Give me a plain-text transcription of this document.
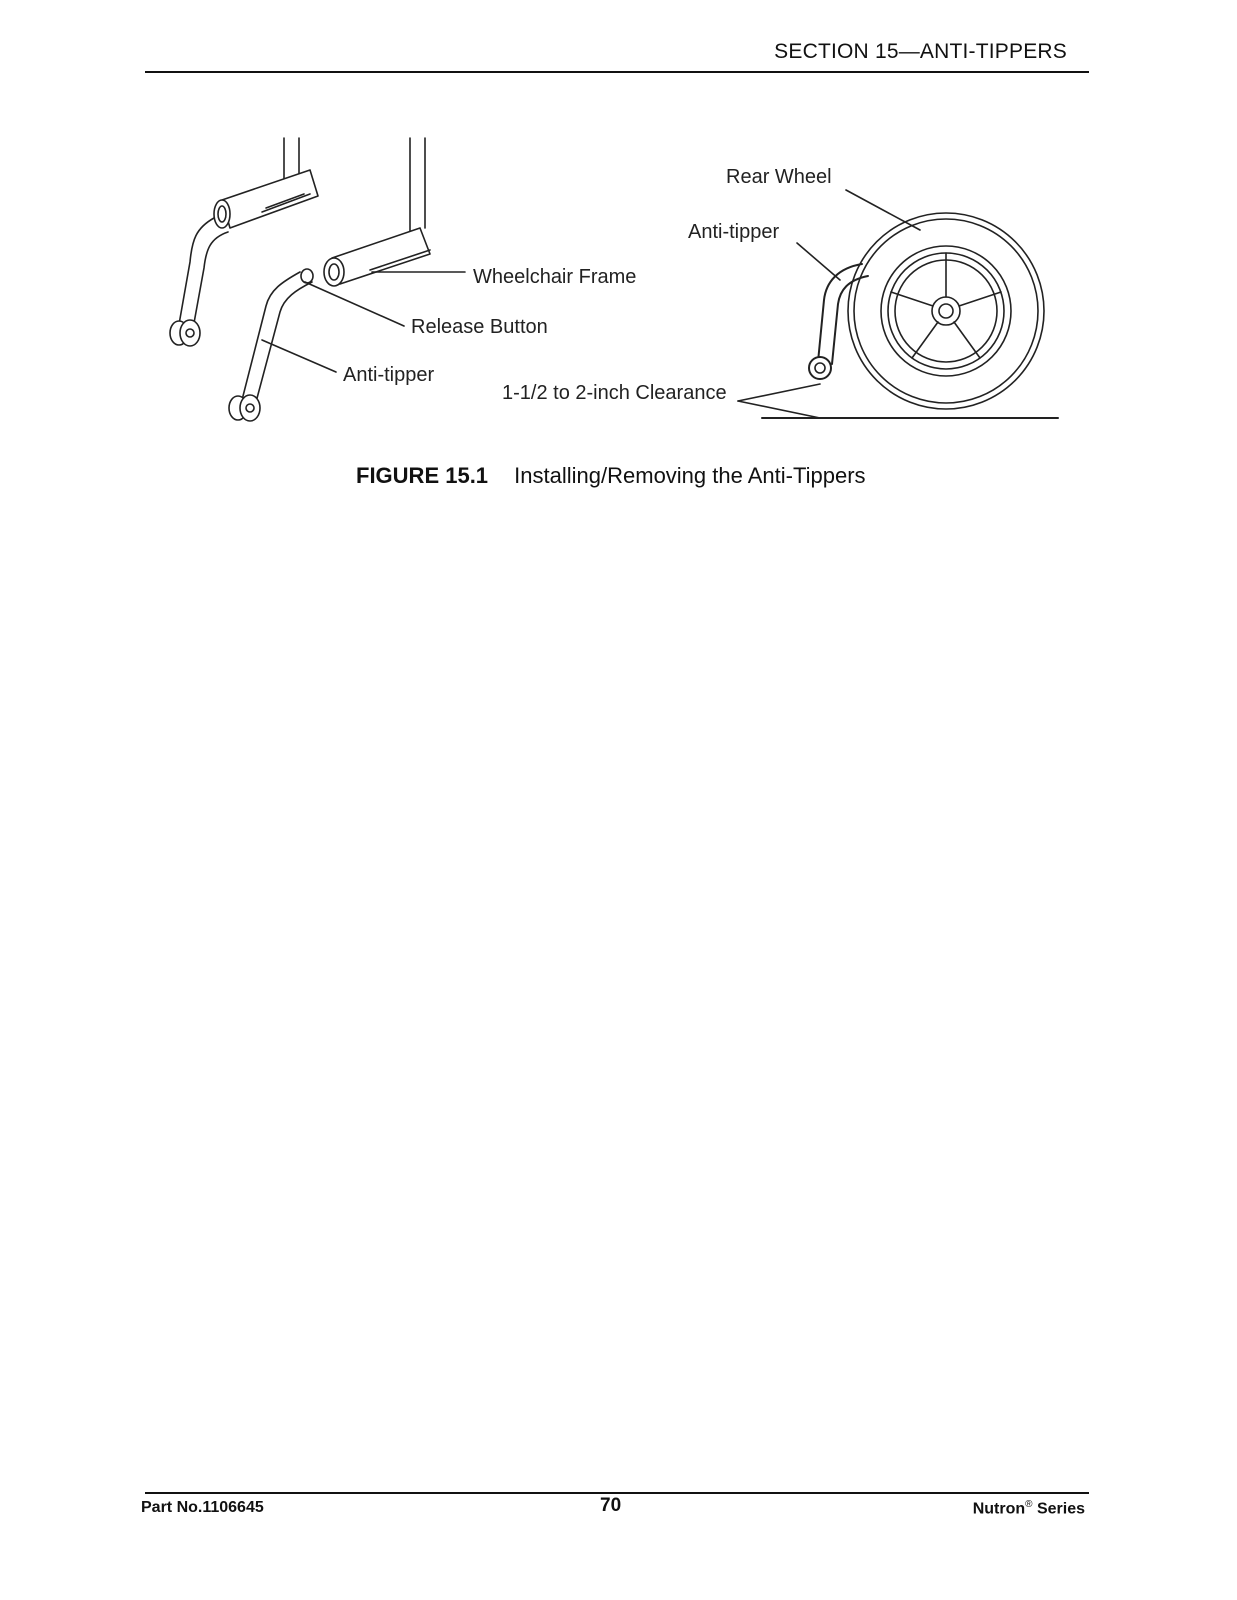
SECTION 15—ANTI-TIPPERS
Rear Wheel
Anti-tipper
Wheelchair Frame
Release Button
Anti-tipper
1-1/2 to 2-inch Clearance
FIGURE 15.1 Installing/Removing the Anti-Tippers
Part No.1106645	70	Nutron® Series
